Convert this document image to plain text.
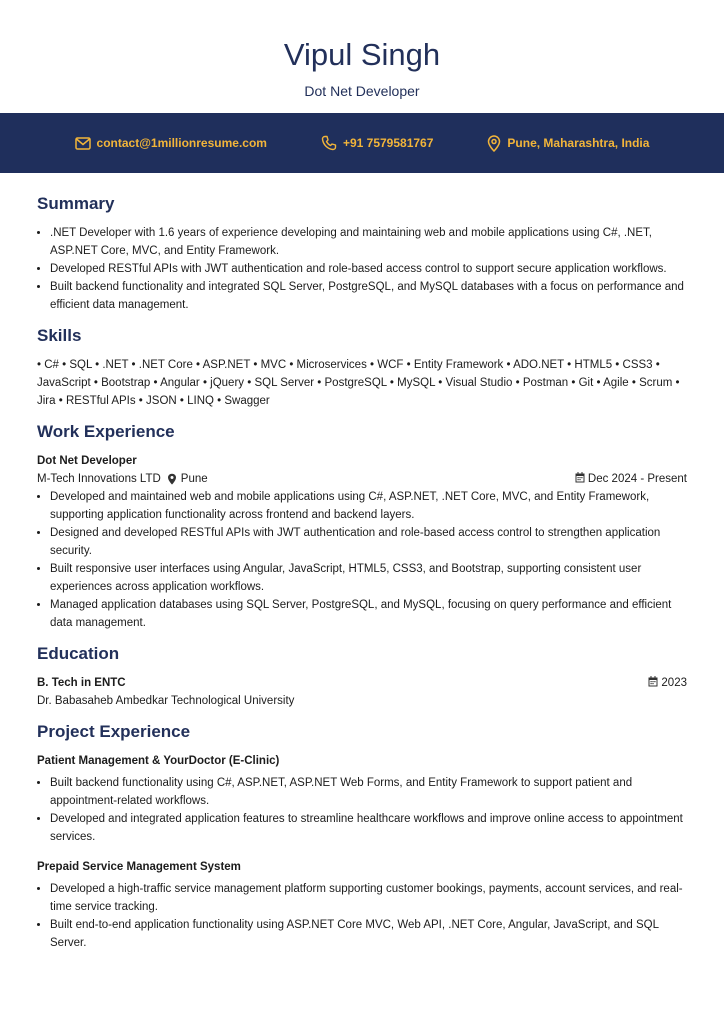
Vipul Singh
Dot Net Developer
contact@1millionresume.com	+91 7579581767	Pune, Maharashtra, India
Summary
• .NET Developer with 1.6 years of experience developing and maintaining web and mobile applications using C#, .NET, ASP.NET Core, MVC, and Entity Framework.
• Developed RESTful APIs with JWT authentication and role-based access control to support secure application workflows.
• Built backend functionality and integrated SQL Server, PostgreSQL, and MySQL databases with a focus on performance and efficient data management.
Skills
• C# • SQL • .NET • .NET Core • ASP.NET • MVC • Microservices • WCF • Entity Framework • ADO.NET • HTML5 • CSS3 • JavaScript • Bootstrap • Angular • jQuery • SQL Server • PostgreSQL • MySQL • Visual Studio • Postman • Git • Agile • Scrum • Jira • RESTful APIs • JSON • LINQ • Swagger
Work Experience
Dot Net Developer
M-Tech Innovations LTD Pune	Dec 2024 - Present
• Developed and maintained web and mobile applications using C#, ASP.NET, .NET Core, MVC, and Entity Framework, supporting application functionality across frontend and backend layers.
• Designed and developed RESTful APIs with JWT authentication and role-based access control to strengthen application security.
• Built responsive user interfaces using Angular, JavaScript, HTML5, CSS3, and Bootstrap, supporting consistent user experiences across application workflows.
• Managed application databases using SQL Server, PostgreSQL, and MySQL, focusing on query performance and efficient data management.
Education
B. Tech in ENTC	2023
Dr. Babasaheb Ambedkar Technological University
Project Experience
Patient Management & YourDoctor (E-Clinic)
• Built backend functionality using C#, ASP.NET, ASP.NET Web Forms, and Entity Framework to support patient and appointment-related workflows.
• Developed and integrated application features to streamline healthcare workflows and improve online access to appointment services.
Prepaid Service Management System
• Developed a high-traffic service management platform supporting customer bookings, payments, account services, and real-time service tracking.
• Built end-to-end application functionality using ASP.NET Core MVC, Web API, .NET Core, Angular, JavaScript, and SQL Server.
